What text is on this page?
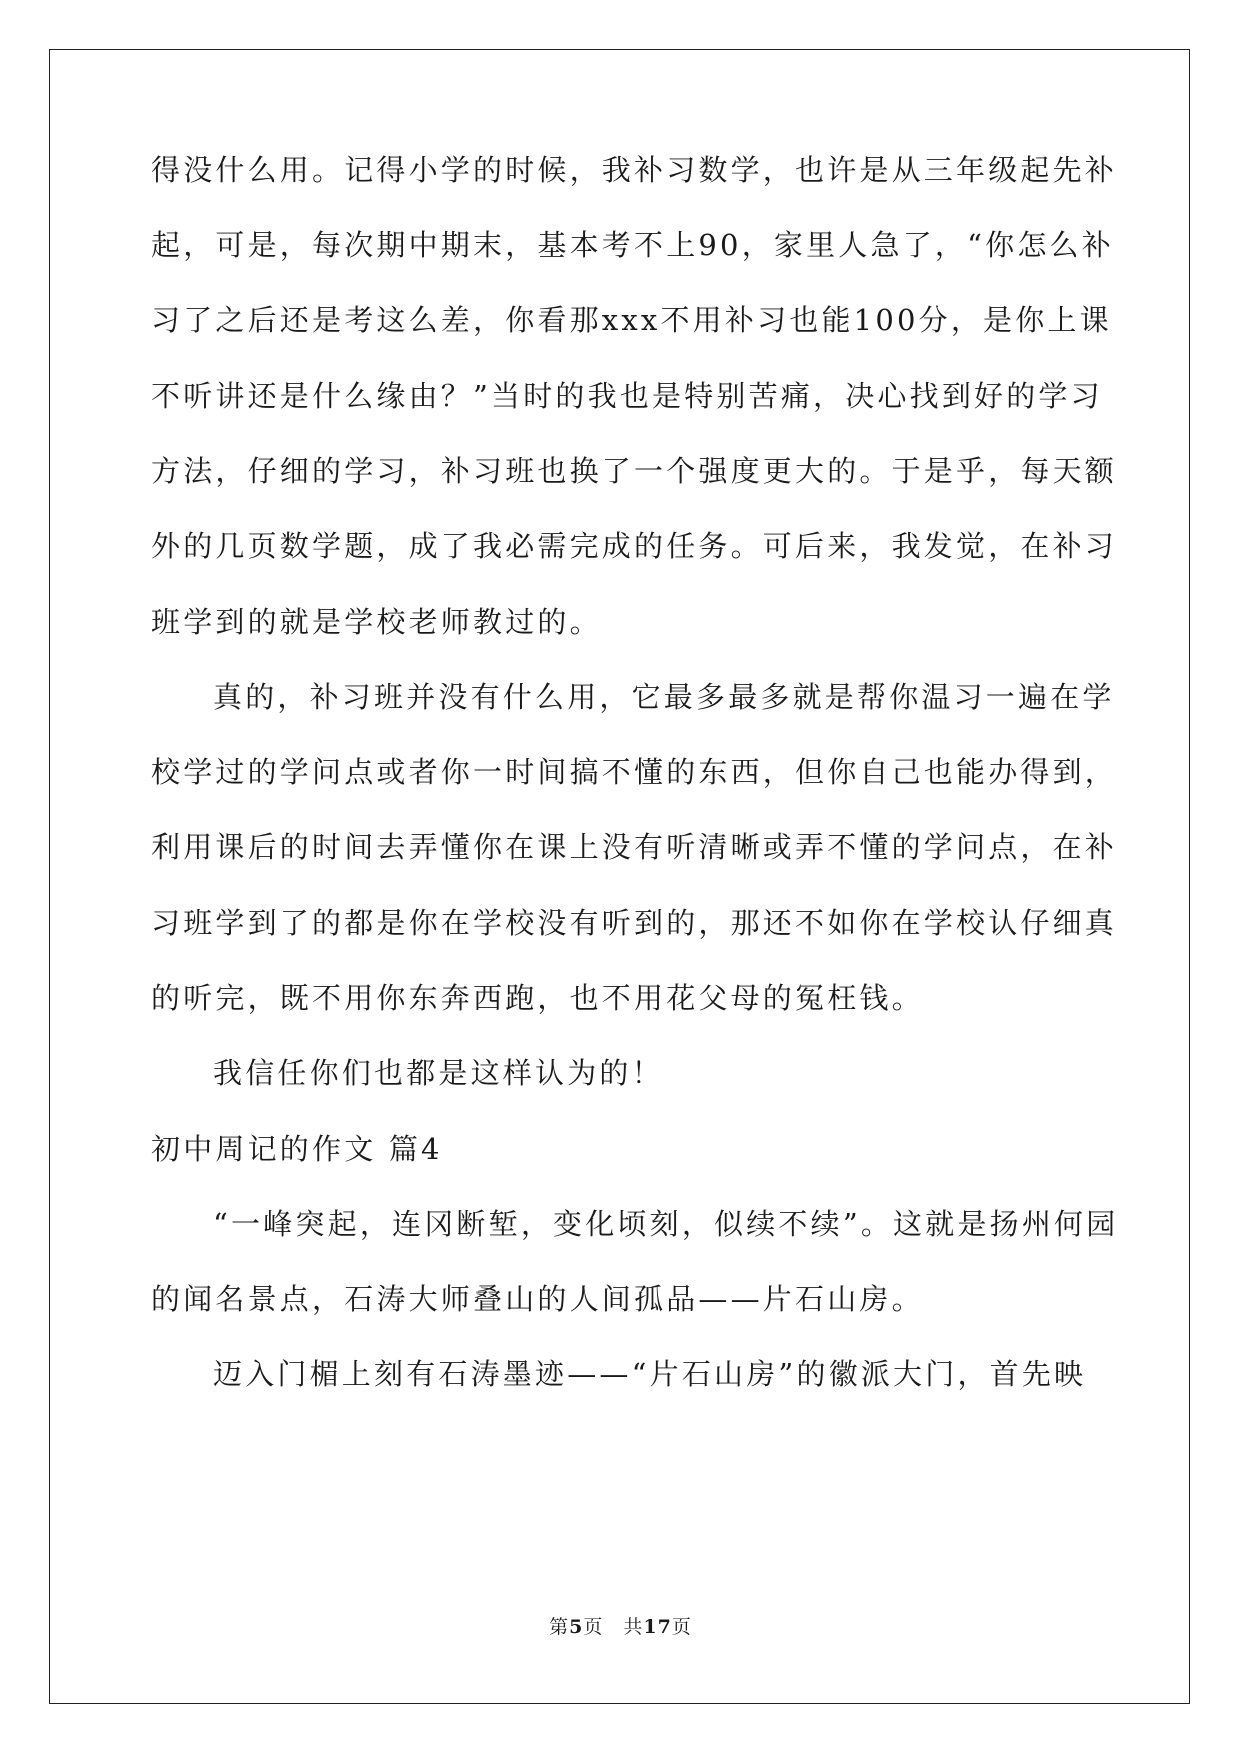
得没什么用。记得小学的时候，我补习数学，也许是从三年级起先补
起，可是，每次期中期末，基本考不上90，家里人急了，“你怎么补
习了之后还是考这么差，你看那xxx不用补习也能100分，是你上课
不听讲还是什么缘由？”当时的我也是特别苦痛，决心找到好的学习
方法，仔细的学习，补习班也换了一个强度更大的。于是乎，每天额
外的几页数学题，成了我必需完成的任务。可后来，我发觉，在补习
班学到的就是学校老师教过的。
真的，补习班并没有什么用，它最多最多就是帮你温习一遍在学
校学过的学问点或者你一时间搞不懂的东西，但你自己也能办得到，
利用课后的时间去弄懂你在课上没有听清晰或弄不懂的学问点，在补
习班学到了的都是你在学校没有听到的，那还不如你在学校认仔细真
的听完，既不用你东奔西跑，也不用花父母的冤枉钱。
我信任你们也都是这样认为的！
初中周记的作文 篇4
“一峰突起，连冈断堑，变化顷刻，似续不续”。这就是扬州何园
的闻名景点，石涛大师叠山的人间孤品——片石山房。
迈入门楣上刻有石涛墨迹——“片石山房”的徽派大门，首先映
第5页　共17页
